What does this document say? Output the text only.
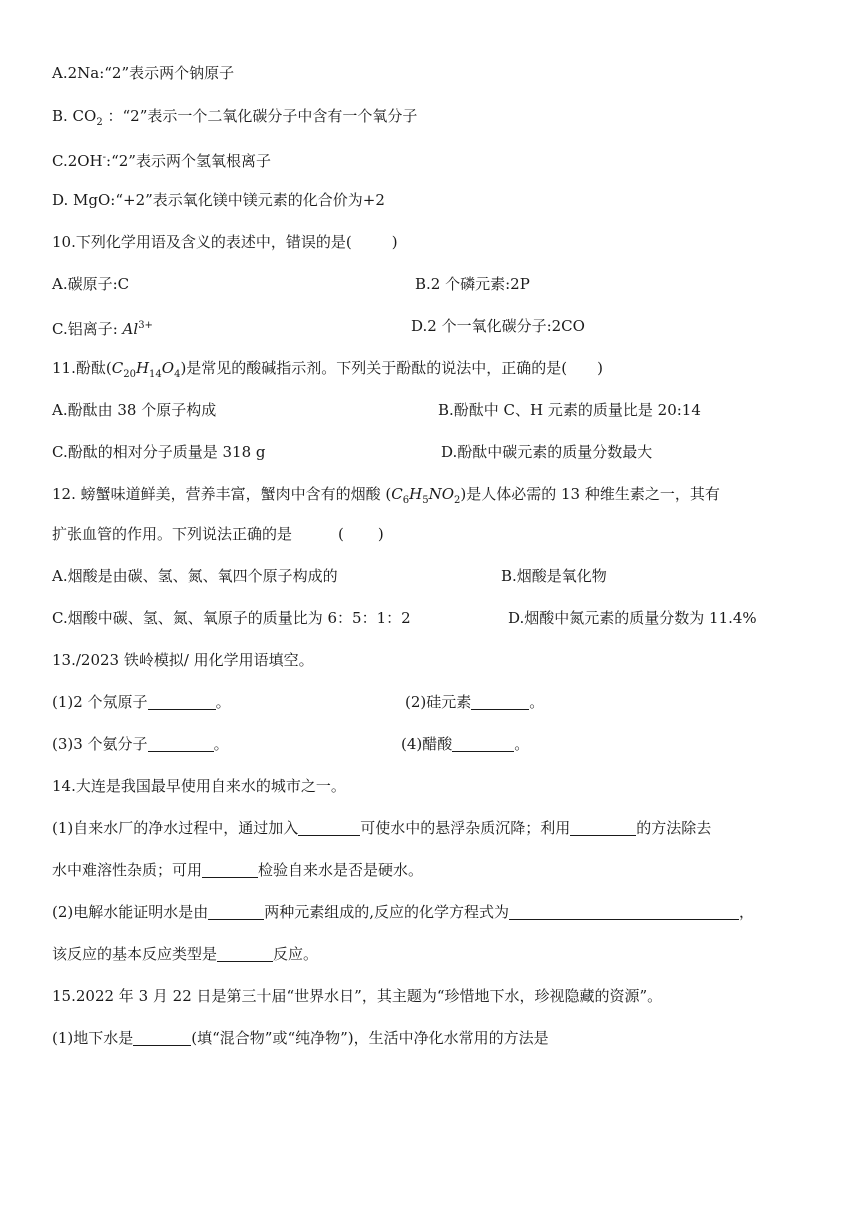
A.2Na:“2”表示两个钠原子
B. $CO_2$ ：“2”表示一个二氧化碳分子中含有一个氧分子
C.2OH-:“2”表示两个氢氧根离子
D. MgO:“+2”表示氧化镁中镁元素的化合价为+2
10.下列化学用语及含义的表述中，错误的是(	)
A.碳原子:C	B.2 个磷元素:2P
C.铝离子: $Al^{3+}$	D.2 个一氧化碳分子:2CO
11.酚酞$(C_{20}H_{14}O_4)$是常见的酸碱指示剂。下列关于酚酞的说法中，正确的是( )
A.酚酞由 38 个原子构成	B.酚酞中 C、H 元素的质量比是 20:14
C.酚酞的相对分子质量是 318 g	D.酚酞中碳元素的质量分数最大
12. 螃蟹味道鲜美，营养丰富，蟹肉中含有的烟酸 $(C_6H_5NO_2)$是人体必需的 13 种维生素之一，其有
扩张血管的作用。下列说法正确的是	( )
A.烟酸是由碳、氢、氮、氧四个原子构成的	B.烟酸是氧化物
C.烟酸中碳、氢、氮、氧原子的质量比为 6：5：1：2	D.烟酸中氮元素的质量分数为 11.4%
13./2023 铁岭模拟/ 用化学用语填空。
(1)2 个氖原子	。	(2)硅元素	。
(3)3 个氨分子	。	(4)醋酸	。
14.大连是我国最早使用自来水的城市之一。
(1)自来水厂的净水过程中，通过加入	可使水中的悬浮杂质沉降；利用	的方法除去
水中难溶性杂质；可用	检验自来水是否是硬水。
(2)电解水能证明水是由	两种元素组成的,反应的化学方程式为	，
该反应的基本反应类型是	反应。
15.2022 年 3 月 22 日是第三十届“世界水日”，其主题为“珍惜地下水，珍视隐藏的资源”。
(1)地下水是	(填“混合物”或“纯净物”)，生活中净化水常用的方法是
